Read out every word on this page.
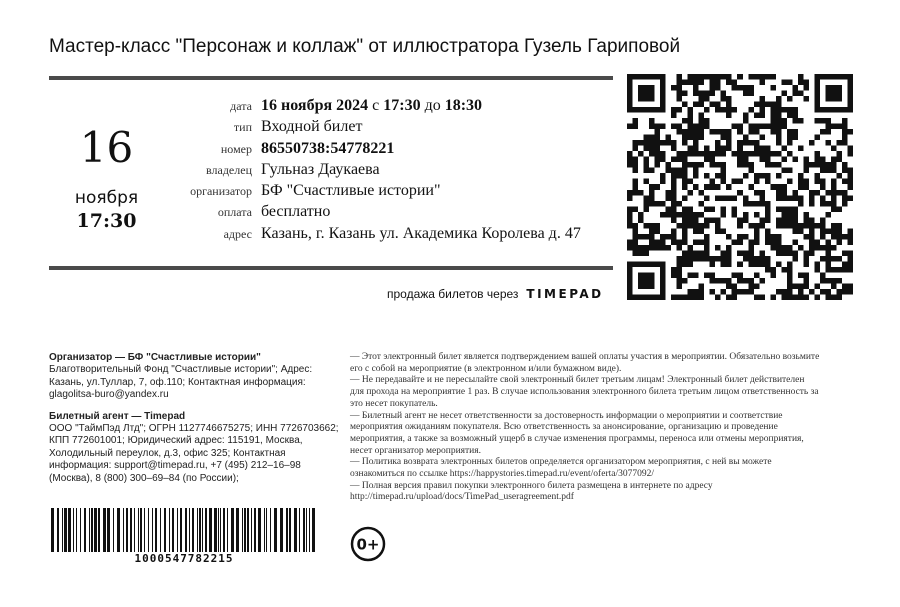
Мастер-класс "Персонаж и коллаж" от иллюстратора Гузель Гариповой
16
ноября
17:30
дата 16 ноября 2024 с 17:30 до 18:30
тип Входной билет
номер 86550738:54778221
владелец Гульназ Даукаева
организатор БФ "Счастливые истории"
оплата бесплатно
адрес Казань, г. Казань ул. Академика Королева д. 47
продажа билетов через TIMEPAD
Организатор — БФ "Счастливые истории"
Благотворительный Фонд "Счастливые истории"; Адрес: Казань, ул.Туллар, 7, оф.110; Контактная информация: glagolitsa-buro@yandex.ru
Билетный агент — Timepad
ООО "ТаймПэд Лтд"; ОГРН 1127746675275; ИНН 7726703662; КПП 772601001; Юридический адрес: 115191, Москва, Холодильный переулок, д.3, офис 325; Контактная информация: support@timepad.ru, +7 (495) 212–16–98 (Москва), 8 (800) 300–69–84 (по России);

— Этот электронный билет является подтверждением вашей оплаты участия в мероприятии. Обязательно возьмите его с собой на мероприятие (в электронном и/или бумажном виде).

— Не передавайте и не пересылайте свой электронный билет третьим лицам! Электронный билет действителен для прохода на мероприятие 1 раз. В случае использования электронного билета третьим лицом ответственность за это несет покупатель.

— Билетный агент не несет ответственности за достоверность информации о мероприятии и соответствие мероприятия ожиданиям покупателя. Всю ответственность за анонсирование, организацию и проведение мероприятия, а также за возможный ущерб в случае изменения программы, переноса или отмены мероприятия, несет организатор мероприятия.

— Политика возврата электронных билетов определяется организатором мероприятия, с ней вы можете ознакомиться по ссылке https://happystories.timepad.ru/event/oferta/3077092/

— Полная версия правил покупки электронного билета размещена в интернете по адресу http://timepad.ru/upload/docs/TimePad_useragreement.pdf

1000547782215
0+
